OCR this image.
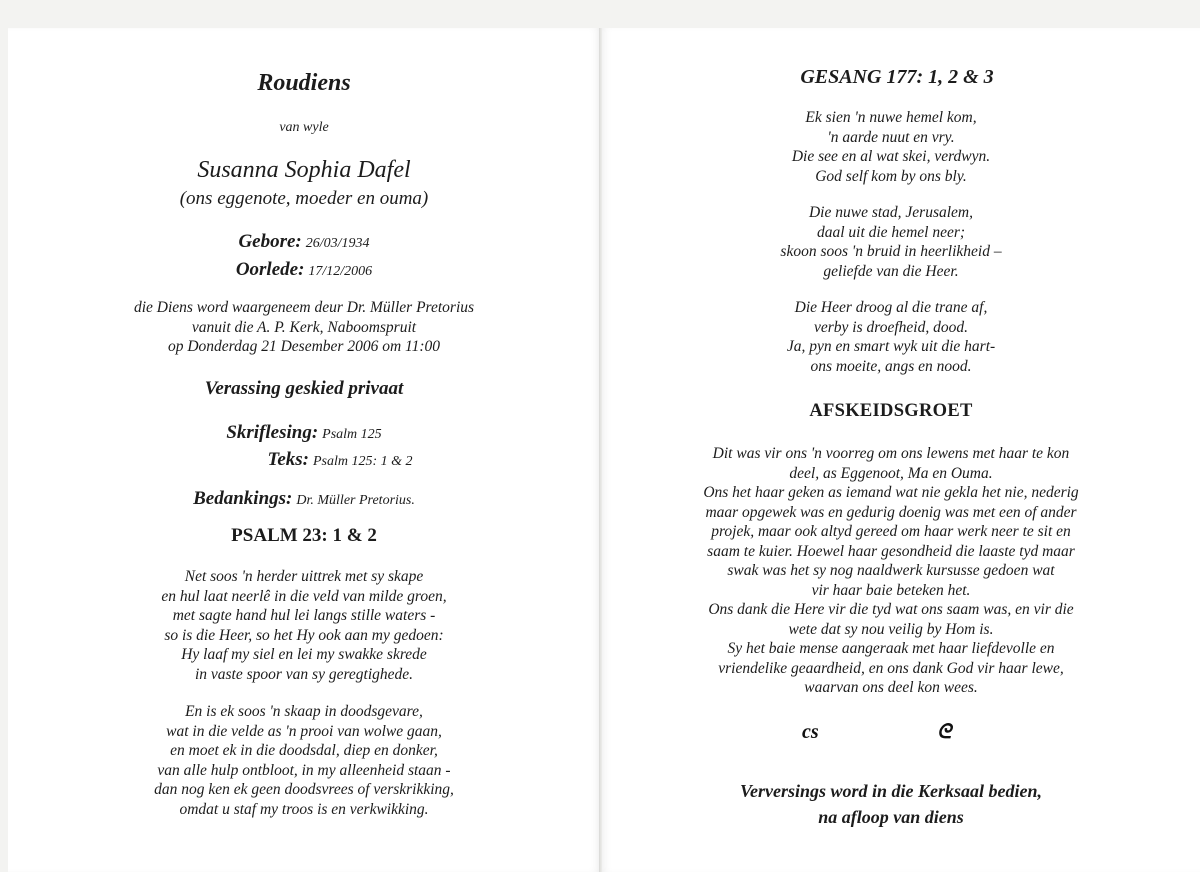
Roudiens
van wyle
Susanna Sophia Dafel
(ons eggenote, moeder en ouma)
Gebore: 26/03/1934
Oorlede: 17/12/2006
die Diens word waargeneem deur Dr. Müller Pretorius
vanuit die A. P. Kerk, Naboomspruit
op Donderdag 21 Desember 2006 om 11:00
Verassing geskied privaat
Skriflesing: Psalm 125
Teks: Psalm 125: 1 & 2
Bedankings: Dr. Müller Pretorius.
PSALM 23: 1 & 2
Net soos 'n herder uittrek met sy skape
en hul laat neerlê in die veld van milde groen,
met sagte hand hul lei langs stille waters -
so is die Heer, so het Hy ook aan my gedoen:
Hy laaf my siel en lei my swakke skrede
in vaste spoor van sy geregtighede.
En is ek soos 'n skaap in doodsgevare,
wat in die velde as 'n prooi van wolwe gaan,
en moet ek in die doodsdal, diep en donker,
van alle hulp ontbloot, in my alleenheid staan -
dan nog ken ek geen doodsvrees of verskrikking,
omdat u staf my troos is en verkwikking.
GESANG 177: 1, 2 & 3
Ek sien 'n nuwe hemel kom,
'n aarde nuut en vry.
Die see en al wat skei, verdwyn.
God self kom by ons bly.
Die nuwe stad, Jerusalem,
daal uit die hemel neer;
skoon soos 'n bruid in heerlikheid –
geliefde van die Heer.
Die Heer droog al die trane af,
verby is droefheid, dood.
Ja, pyn en smart wyk uit die hart-
ons moeite, angs en nood.
AFSKEIDSGROET
Dit was vir ons 'n voorreg om ons lewens met haar te kon
deel, as Eggenoot, Ma en Ouma.
Ons het haar geken as iemand wat nie gekla het nie, nederig
maar opgewek was en gedurig doenig was met een of ander
projek, maar ook altyd gereed om haar werk neer te sit en
saam te kuier. Hoewel haar gesondheid die laaste tyd maar
swak was het sy nog naaldwerk kursusse gedoen wat
vir haar baie beteken het.
Ons dank die Here vir die tyd wat ons saam was, en vir die
wete dat sy nou veilig by Hom is.
Sy het baie mense aangeraak met haar liefdevolle en
vriendelike geaardheid, en ons dank God vir haar lewe,
waarvan ons deel kon wees.
cs	ᘓ
Verversings word in die Kerksaal bedien,
na afloop van diens
